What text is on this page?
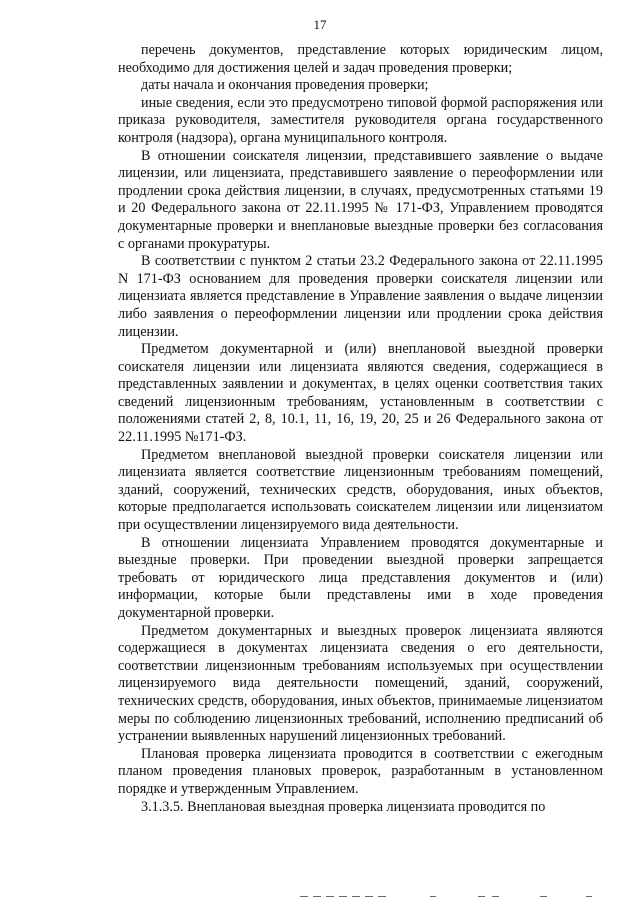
17

перечень документов, представление которых юридическим лицом, необходимо для достижения целей и задач проведения проверки;

даты начала и окончания проведения проверки;

иные сведения, если это предусмотрено типовой формой распоряжения или приказа руководителя, заместителя руководителя органа государственного контроля (надзора), органа муниципального контроля.

В отношении соискателя лицензии, представившего заявление о выдаче лицензии, или лицензиата, представившего заявление о переоформлении или продлении срока действия лицензии, в случаях, предусмотренных статьями 19 и 20 Федерального закона от 22.11.1995 № 171-ФЗ, Управлением проводятся документарные проверки и внеплановые выездные проверки без согласования с органами прокуратуры.

В соответствии с пунктом 2 статьи 23.2 Федерального закона от 22.11.1995 N 171-ФЗ основанием для проведения проверки соискателя лицензии или лицензиата является представление в Управление заявления о выдаче лицензии либо заявления о переоформлении лицензии или продлении срока действия лицензии.

Предметом документарной и (или) внеплановой выездной проверки соискателя лицензии или лицензиата являются сведения, содержащиеся в представленных заявлении и документах, в целях оценки соответствия таких сведений лицензионным требованиям, установленным в соответствии с положениями статей 2, 8, 10.1, 11, 16, 19, 20, 25 и 26 Федерального закона от 22.11.1995 №171-ФЗ.

Предметом внеплановой выездной проверки соискателя лицензии или лицензиата является соответствие лицензионным требованиям помещений, зданий, сооружений, технических средств, оборудования, иных объектов, которые предполагается использовать соискателем лицензии или лицензиатом при осуществлении лицензируемого вида деятельности.

В отношении лицензиата Управлением проводятся документарные и выездные проверки. При проведении выездной проверки запрещается требовать от юридического лица представления документов и (или) информации, которые были представлены ими в ходе проведения документарной проверки.

Предметом документарных и выездных проверок лицензиата являются содержащиеся в документах лицензиата сведения о его деятельности, соответствии лицензионным требованиям используемых при осуществлении лицензируемого вида деятельности помещений, зданий, сооружений, технических средств, оборудования, иных объектов, принимаемые лицензиатом меры по соблюдению лицензионных требований, исполнению предписаний об устранении выявленных нарушений лицензионных требований.

Плановая проверка лицензиата проводится в соответствии с ежегодным планом проведения плановых проверок, разработанным в установленном порядке и утвержденным Управлением.

3.1.3.5. Внеплановая выездная проверка лицензиата проводится по
